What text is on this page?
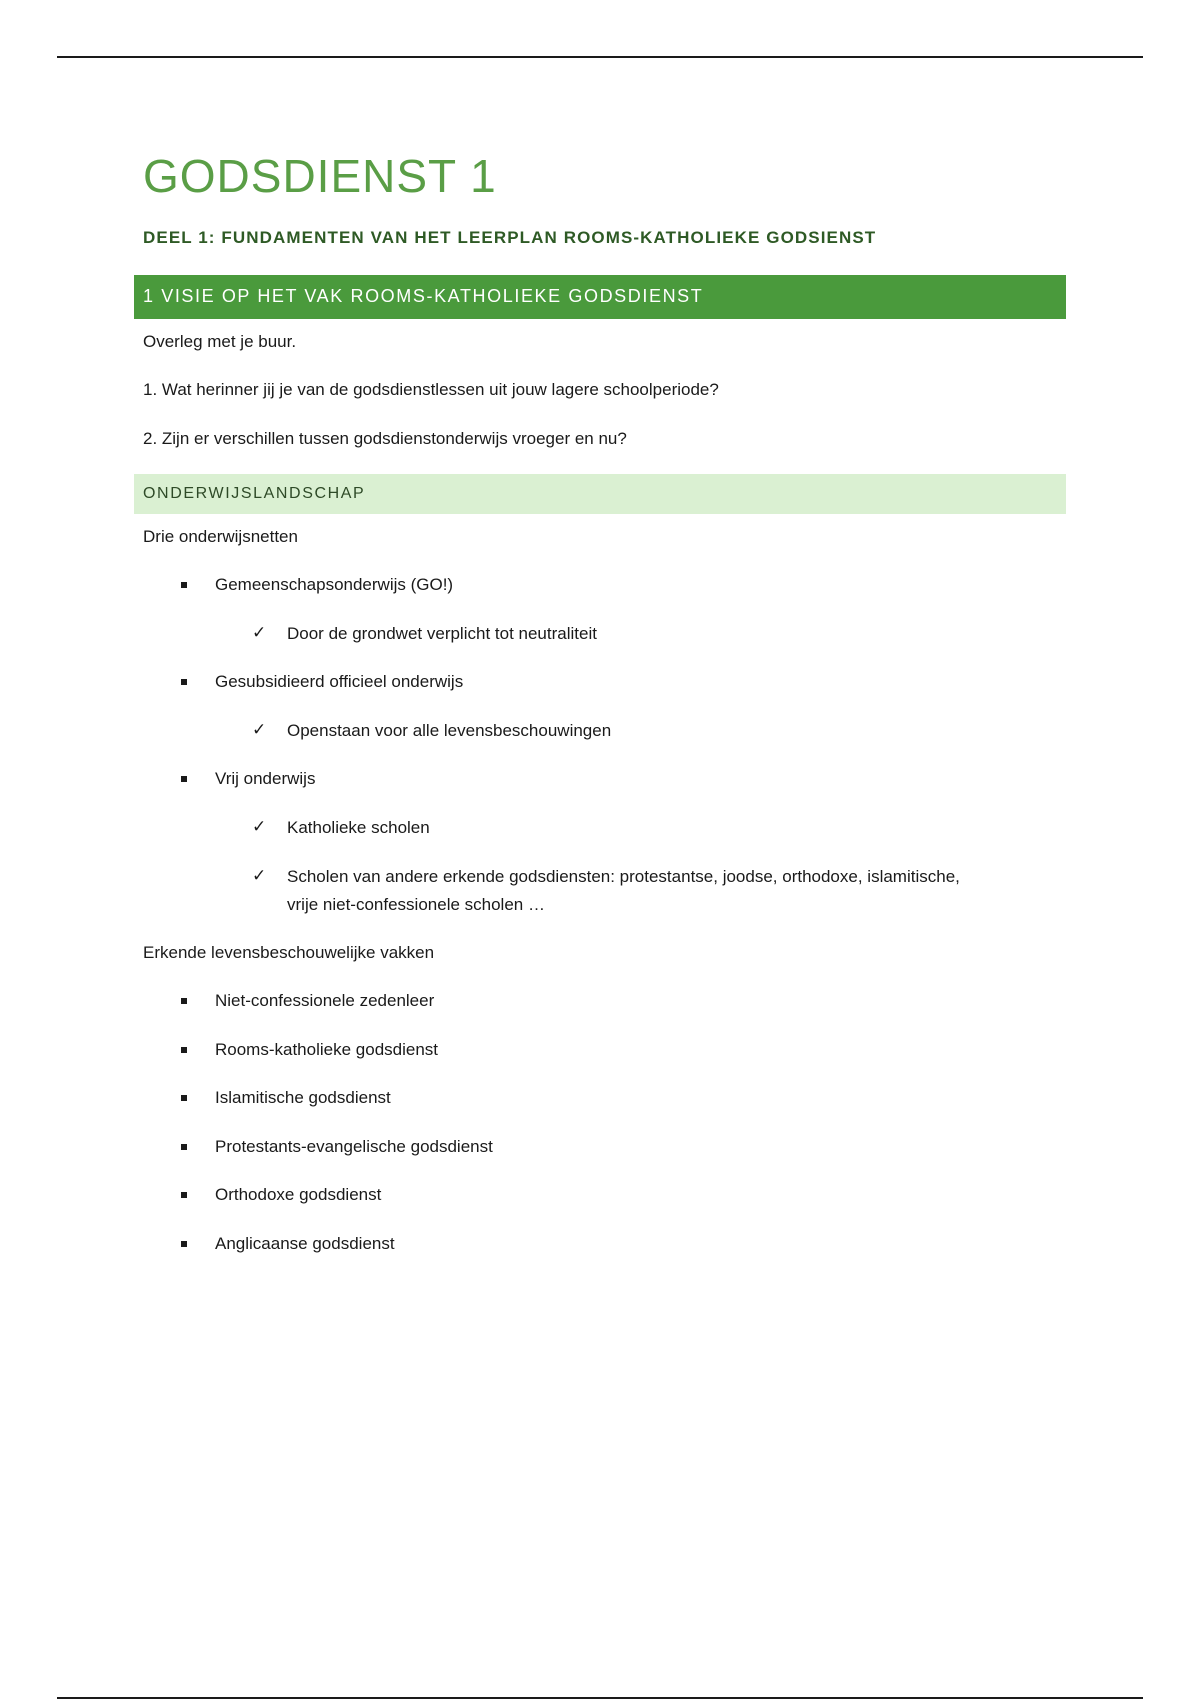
GODSDIENST 1
DEEL 1: FUNDAMENTEN VAN HET LEERPLAN ROOMS-KATHOLIEKE GODSIENST
1 VISIE OP HET VAK ROOMS-KATHOLIEKE GODSDIENST
Overleg met je buur.
1. Wat herinner jij je van de godsdienstlessen uit jouw lagere schoolperiode?
2. Zijn er verschillen tussen godsdienstonderwijs vroeger en nu?
ONDERWIJSLANDSCHAP
Drie onderwijsnetten
Gemeenschapsonderwijs (GO!)
✓ Door de grondwet verplicht tot neutraliteit
Gesubsidieerd officieel onderwijs
✓ Openstaan voor alle levensbeschouwingen
Vrij onderwijs
✓ Katholieke scholen
✓ Scholen van andere erkende godsdiensten: protestantse, joodse, orthodoxe, islamitische,
vrije niet-confessionele scholen …
Erkende levensbeschouwelijke vakken
Niet-confessionele zedenleer
Rooms-katholieke godsdienst
Islamitische godsdienst
Protestants-evangelische godsdienst
Orthodoxe godsdienst
Anglicaanse godsdienst
